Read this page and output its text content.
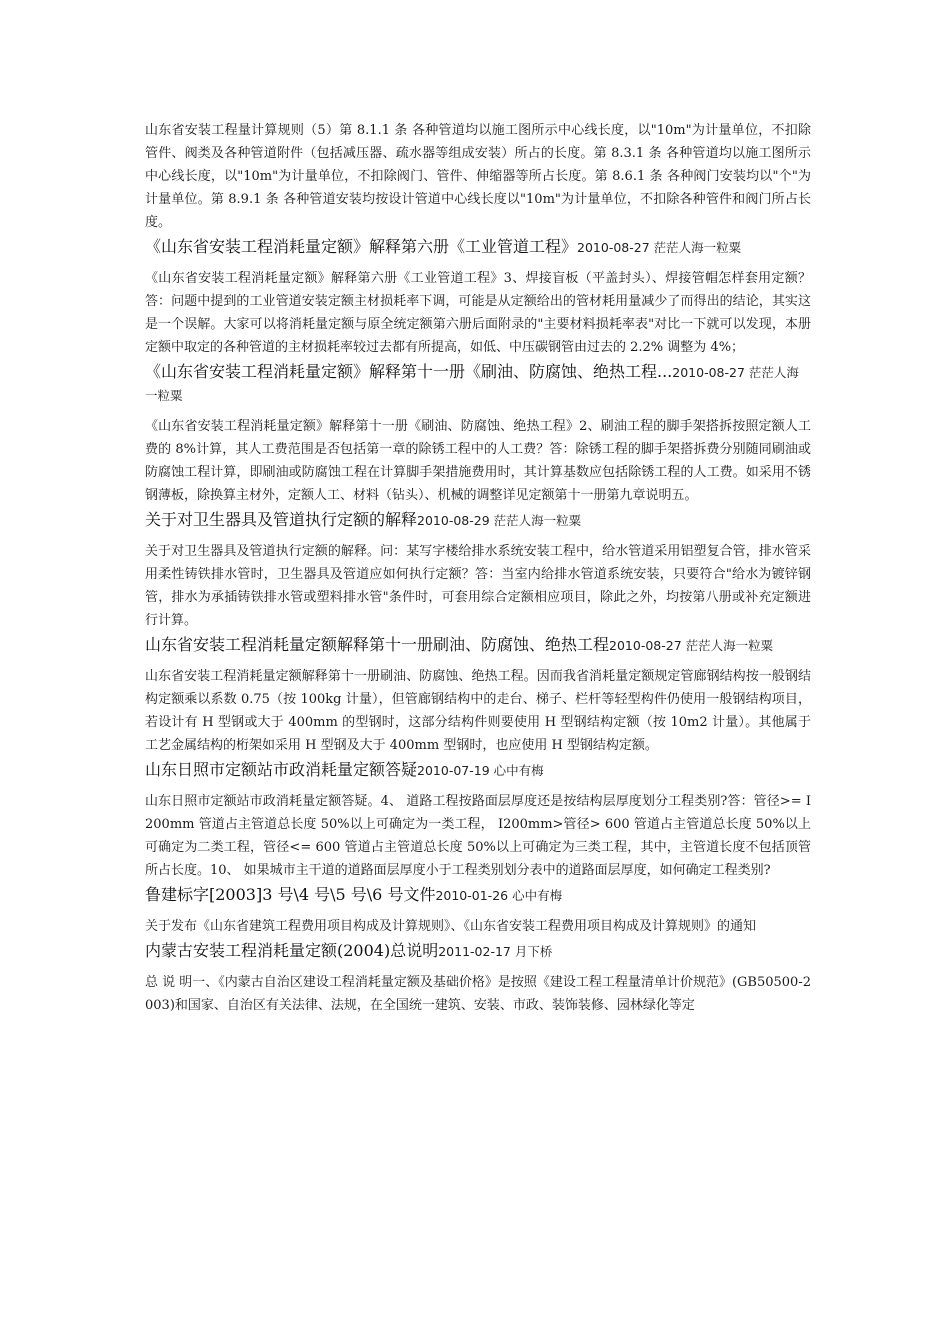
山东省安装工程量计算规则（5）第 8.1.1 条 各种管道均以施工图所示中心线长度，以"10m"为计量单位，不扣除管件、阀类及各种管道附件（包括减压器、疏水器等组成安装）所占的长度。第 8.3.1 条 各种管道均以施工图所示中心线长度，以"10m"为计量单位，不扣除阀门、管件、伸缩器等所占长度。第 8.6.1 条 各种阀门安装均以"个"为计量单位。第 8.9.1 条 各种管道安装均按设计管道中心线长度以"10m"为计量单位，不扣除各种管件和阀门所占长度。

《山东省安装工程消耗量定额》解释第六册《工业管道工程》2010-08-27 茫茫人海一粒粟

《山东省安装工程消耗量定额》解释第六册《工业管道工程》3、焊接盲板（平盖封头）、焊接管帽怎样套用定额？答：问题中提到的工业管道安装定额主材损耗率下调，可能是从定额给出的管材耗用量减少了而得出的结论，其实这是一个误解。大家可以将消耗量定额与原全统定额第六册后面附录的"主要材料损耗率表"对比一下就可以发现，本册定额中取定的各种管道的主材损耗率较过去都有所提高，如低、中压碳钢管由过去的 2.2% 调整为 4%；

《山东省安装工程消耗量定额》解释第十一册《刷油、防腐蚀、绝热工程...2010-08-27 茫茫人海一粒粟

《山东省安装工程消耗量定额》解释第十一册《刷油、防腐蚀、绝热工程》2、刷油工程的脚手架搭拆按照定额人工费的 8%计算，其人工费范围是否包括第一章的除锈工程中的人工费？答：除锈工程的脚手架搭拆费分别随同刷油或防腐蚀工程计算，即刷油或防腐蚀工程在计算脚手架措施费用时，其计算基数应包括除锈工程的人工费。如采用不锈钢薄板，除换算主材外，定额人工、材料（钻头）、机械的调整详见定额第十一册第九章说明五。

关于对卫生器具及管道执行定额的解释2010-08-29 茫茫人海一粒粟

关于对卫生器具及管道执行定额的解释。问：某写字楼给排水系统安装工程中，给水管道采用铝塑复合管，排水管采用柔性铸铁排水管时，卫生器具及管道应如何执行定额？答：当室内给排水管道系统安装，只要符合"给水为镀锌钢管，排水为承插铸铁排水管或塑料排水管"条件时，可套用综合定额相应项目，除此之外，均按第八册或补充定额进行计算。

山东省安装工程消耗量定额解释第十一册刷油、防腐蚀、绝热工程2010-08-27 茫茫人海一粒粟

山东省安装工程消耗量定额解释第十一册刷油、防腐蚀、绝热工程。因而我省消耗量定额规定管廊钢结构按一般钢结构定额乘以系数 0.75（按 100kg 计量），但管廊钢结构中的走台、梯子、栏杆等轻型构件仍使用一般钢结构项目，若设计有 H 型钢或大于 400mm 的型钢时，这部分结构件则要使用 H 型钢结构定额（按 10m2 计量）。其他属于工艺金属结构的桁架如采用 H 型钢及大于 400mm 型钢时，也应使用 H 型钢结构定额。

山东日照市定额站市政消耗量定额答疑2010-07-19 心中有梅

山东日照市定额站市政消耗量定额答疑。4、 道路工程按路面层厚度还是按结构层厚度划分工程类别?答：管径>= I200mm 管道占主管道总长度 50%以上可确定为一类工程， I200mm>管径> 600 管道占主管道总长度 50%以上可确定为二类工程，管径<= 600 管道占主管道总长度 50%以上可确定为三类工程，其中，主管道长度不包括顶管所占长度。10、 如果城市主干道的道路面层厚度小于工程类别划分表中的道路面层厚度，如何确定工程类别?

鲁建标字[2003]3 号\4 号\5 号\6 号文件2010-01-26 心中有梅

关于发布《山东省建筑工程费用项目构成及计算规则》、《山东省安装工程费用项目构成及计算规则》的通知

内蒙古安装工程消耗量定额(2004)总说明2011-02-17 月下桥

总 说 明一、《内蒙古自治区建设工程消耗量定额及基础价格》是按照《建设工程工程量清单计价规范》(GB50500-2003)和国家、自治区有关法律、法规，在全国统一建筑、安装、市政、装饰装修、园林绿化等定
